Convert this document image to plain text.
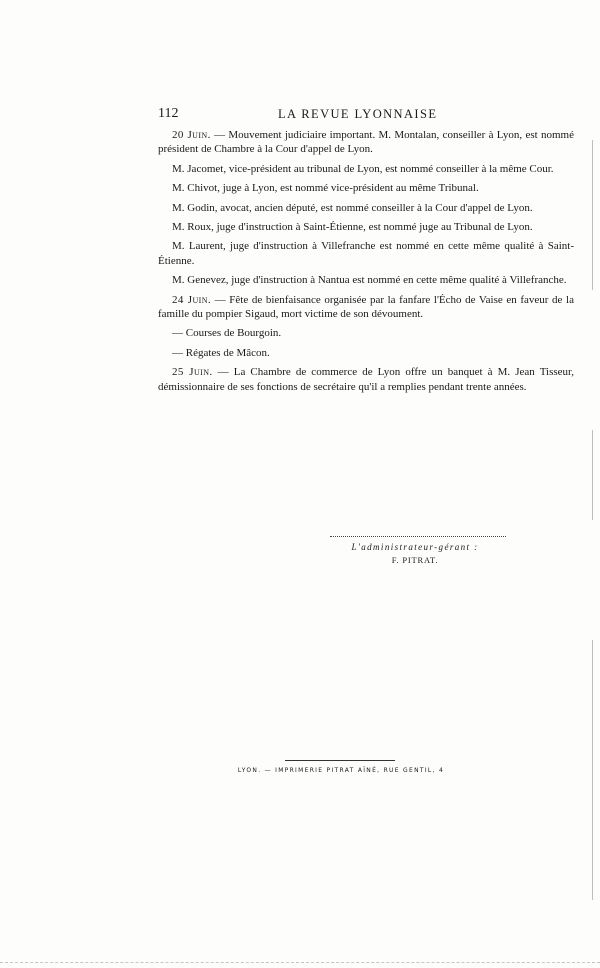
112	LA REVUE LYONNAISE

20 Juin. — Mouvement judiciaire important. M. Montalan, conseiller à Lyon, est nommé président de Chambre à la Cour d'appel de Lyon.

M. Jacomet, vice-président au tribunal de Lyon, est nommé conseiller à la même Cour.

M. Chivot, juge à Lyon, est nommé vice-président au même Tribunal.

M. Godin, avocat, ancien député, est nommé conseiller à la Cour d'appel de Lyon.

M. Roux, juge d'instruction à Saint-Étienne, est nommé juge au Tribunal de Lyon.

M. Laurent, juge d'instruction à Villefranche est nommé en cette même qualité à Saint-Étienne.

M. Genevez, juge d'instruction à Nantua est nommé en cette même qualité à Villefranche.

24 Juin. — Fête de bienfaisance organisée par la fanfare l'Écho de Vaise en faveur de la famille du pompier Sigaud, mort victime de son dévoument.

— Courses de Bourgoin.

— Régates de Mâcon.

25 Juin. — La Chambre de commerce de Lyon offre un banquet à M. Jean Tisseur, démissionnaire de ses fonctions de secrétaire qu'il a remplies pendant trente années.

L'administrateur-gérant :
F. PITRAT.
LYON. — IMPRIMERIE PITRAT AÎNÉ, RUE GENTIL, 4
